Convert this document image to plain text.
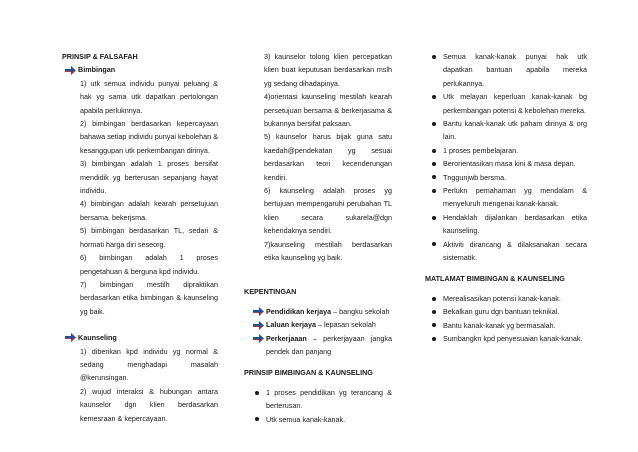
PRINSIP & FALSAFAH
Bimbingan

1) utk semua individu punyai peluang & hak yg sama utk dapatkan pertolongan apabila perluknnya.

2) bimbingan berdasarkan kepercayaan bahawa setiap individu punyai kebolehan & kesanggupan utk perkembangan dirinya.

3) bimbingan adalah 1 proses bersifat mendidik yg berterusan sepanjang hayat individu.

4) bimbingan adalah kearah persetujuan bersama, bekerjsma.

5) bimbingan berdasarkan TL, sedari & hormati harga diri seseorg.

6) bimbingan adalah 1 proses pengetahuan & berguna kpd individu.

7) bimbingan mestilh dipraktikan berdasarkan etika bimbingan & kaunseling yg baik.

Kaunseling

1) diberikan kpd individu yg normal & sedang menghadapi masalah @kerunsingan.

2) wujud interaksi & hubungan antara kaunselor dgn klien berdasarkan kemesraan & kepercayaan.

3) kaunselor tolong klien percepatkan klien buat keputusan berdasarkan mslh yg sedang dihadapinya.

4)orientasi kaunseling mestilah kearah persetujuan bersama & berkerjasama & bukannya bersifat paksaan.

5) kaunselor harus bijak guna satu kaedah@pendekatan yg sesuai berdasarkan teori kecenderungan kendiri.

6) kaunseling adalah proses yg bertujuan mempengaruhi perubahan TL klien secara sukarela@dgn kehendaknya sendiri.

7)kaunseling mestilah berdasarkan etika kaunseling yg baik.

KEPENTINGAN
Pendidikan kerjaya – bangku sekolah
Laluan kerjaya – lepasan sekolah
Perkerjaaan – perkerjayaan jangka pendek dan panjang
PRINSIP BIMBINGAN & KAUNSELING
1 proses pendidikan yg terancang & berterusan.
Utk semua kanak-kanak.
Semua kanak-kanak punyai hak utk dapatkan bantuan apabila mereka perlukannya.
Utk melayan keperluan kanak-kanak bg perkembangan potensi & kebolehan mereka.
Bantu kanak-kanak utk paham dirinya & org lain.
1 proses pembelajaran.
Berorientasikan masa kini & masa depan.
Tnggunjwb bersma.
Perlukn pemahaman yg mendalam & menyeluruh mengenai kanak-kanak.
Hendaklah dijalankan berdasarkan etika kaunseling.
Aktiviti dirancang & dilaksanakan secara sistematik.
MATLAMAT BIMBINGAN & KAUNSELING
Merealisasikan potensi kanak-kanak.
Bekalkan guru dgn bantuan teknikal.
Bantu kanak-kanak yg bermasalah.
Sumbangkn kpd penyesuaian kanak-kanak.
